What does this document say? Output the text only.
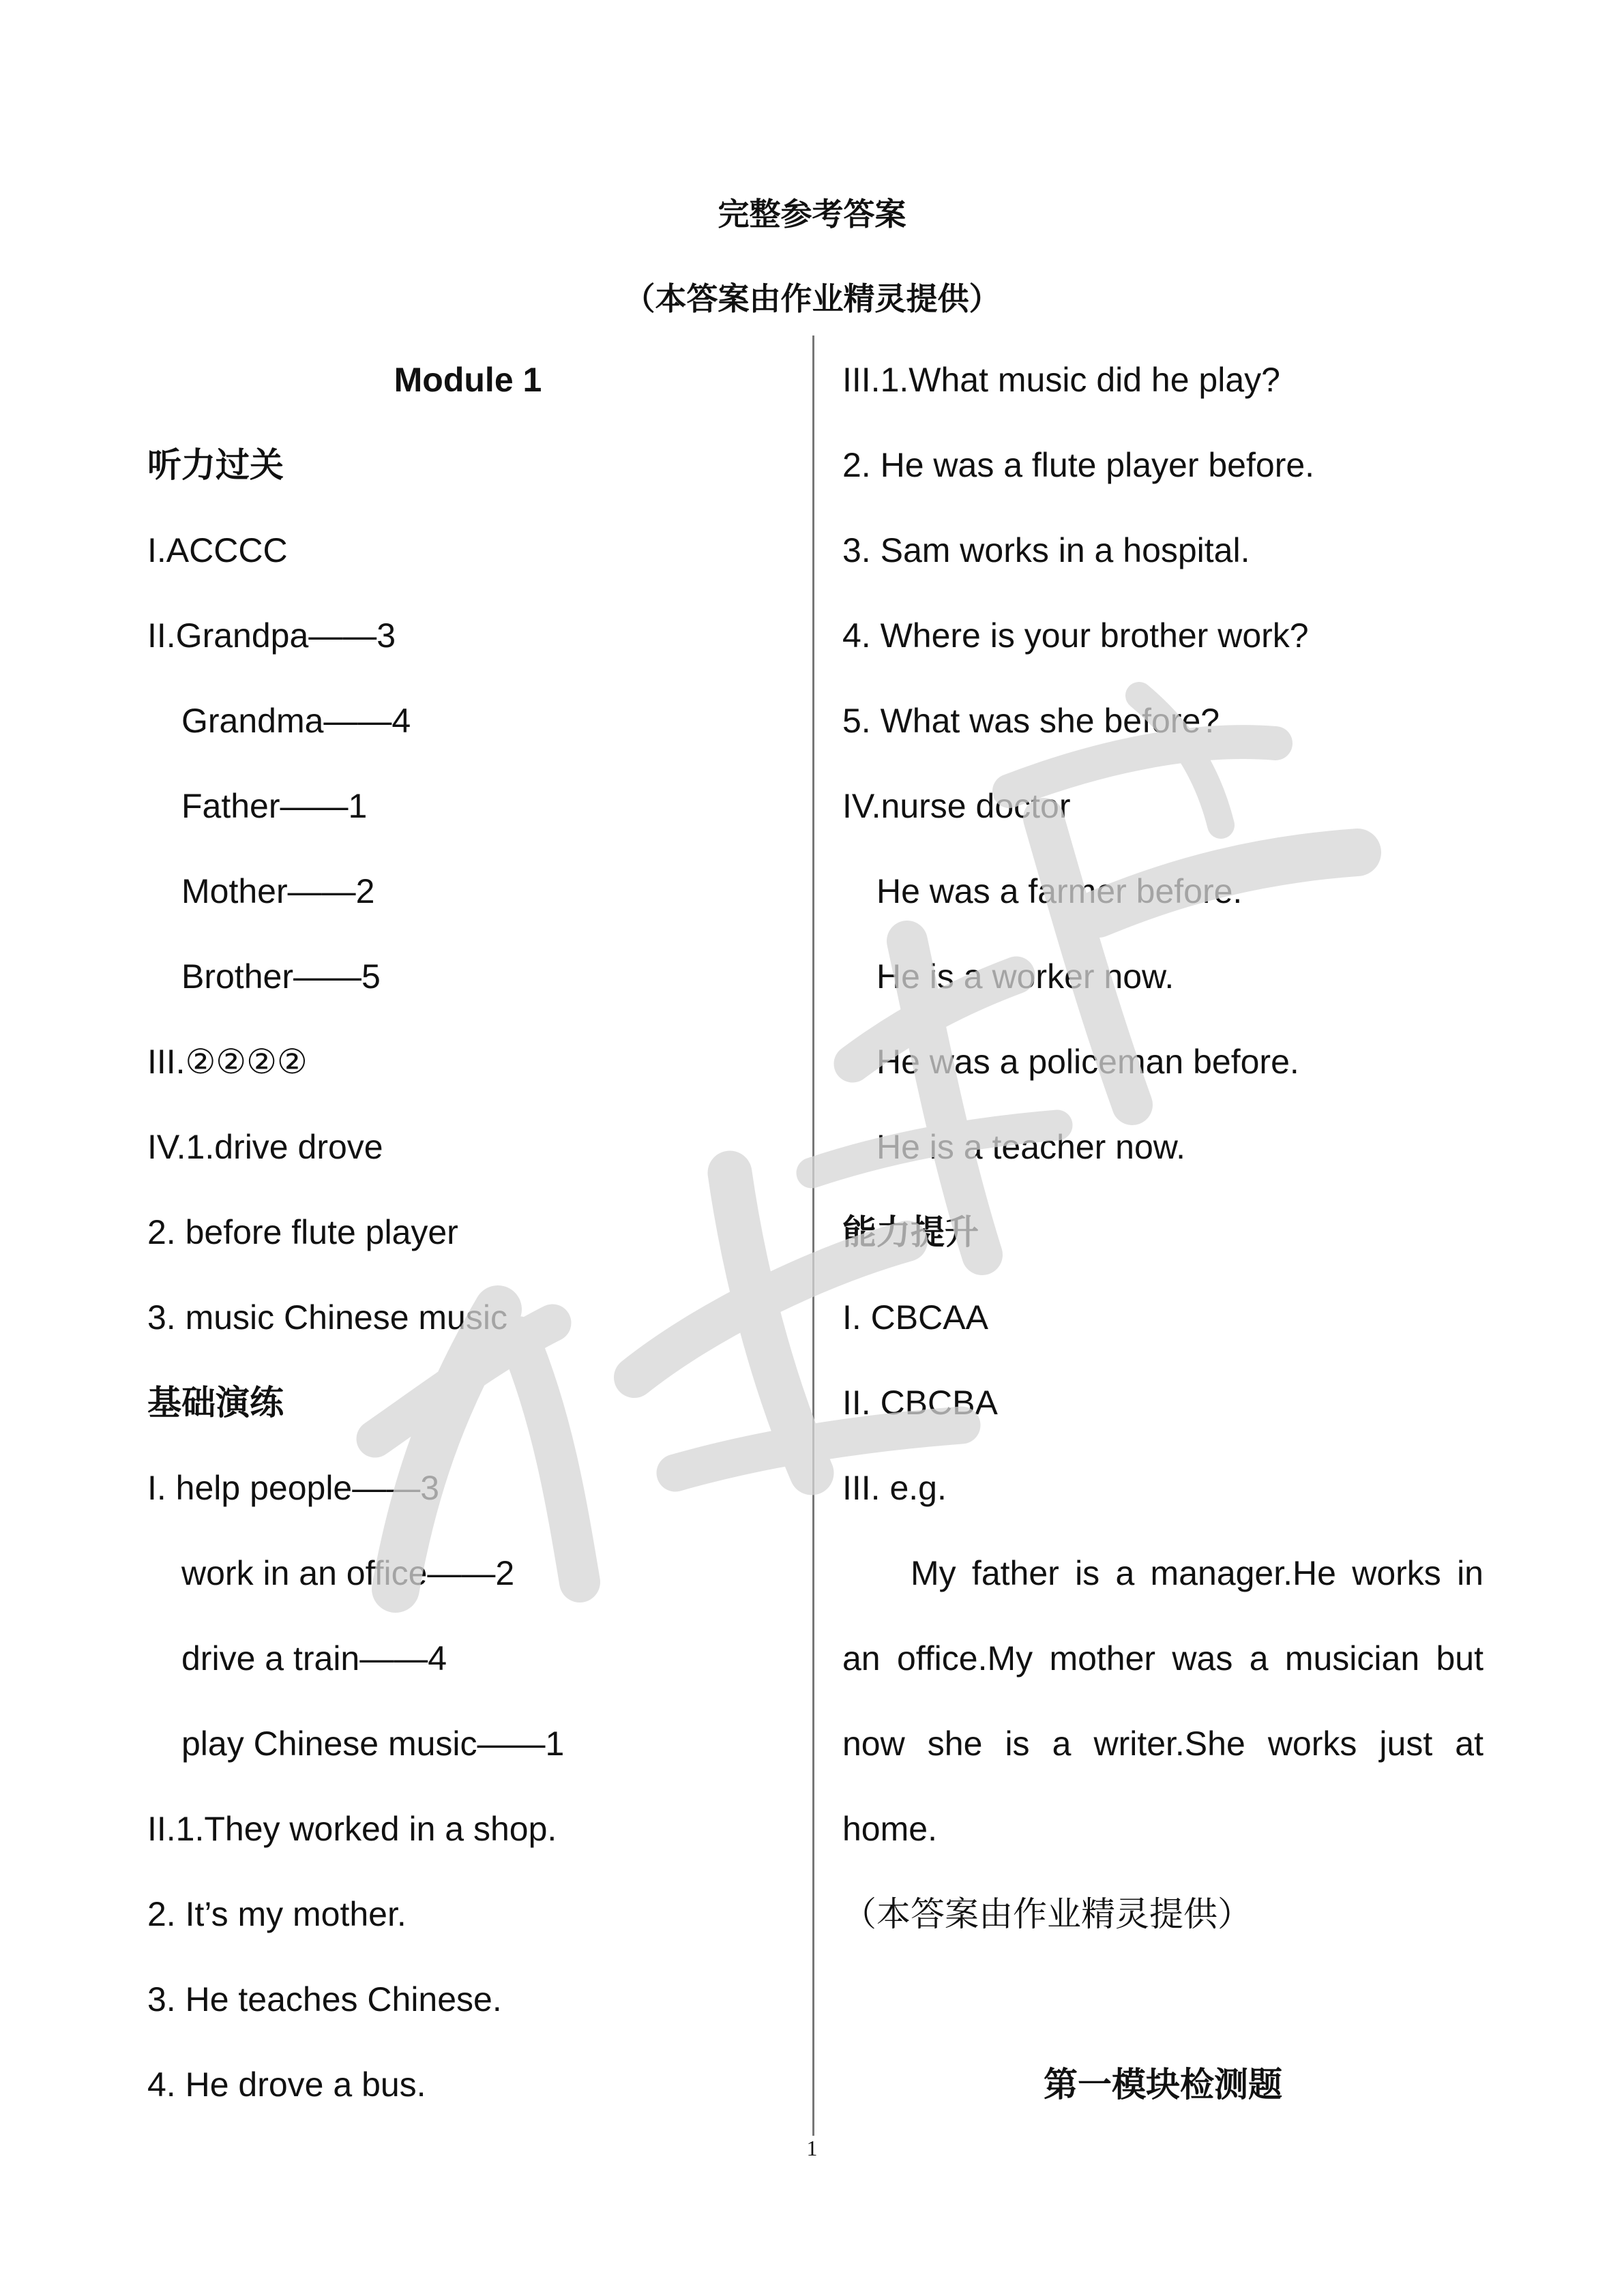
完整参考答案
（本答案由作业精灵提供）
Module 1
听力过关
I.ACCCC
II.Grandpa——3
Grandma——4
Father——1
Mother——2
Brother——5
III.②②②②
IV.1.drive drove
2. before flute player
3. music Chinese music
基础演练
I. help people——3
work in an office——2
drive a train——4
play Chinese music——1
II.1.They worked in a shop.
2. It’s my mother.
3. He teaches Chinese.
4. He drove a bus.
III.1.What music did he play?
2. He was a flute player before.
3. Sam works in a hospital.
4. Where is your brother work?
5. What was she before?
IV.nurse doctor
He was a farmer before.
He is a worker now.
He was a policeman before.
He is a teacher now.
能力提升
I. CBCAA
II. CBCBA
III. e.g.
My father is a manager.He works in
an office.My mother was a musician but
now she is a writer.She works just at
home.
（本答案由作业精灵提供）
第一模块检测题
1
